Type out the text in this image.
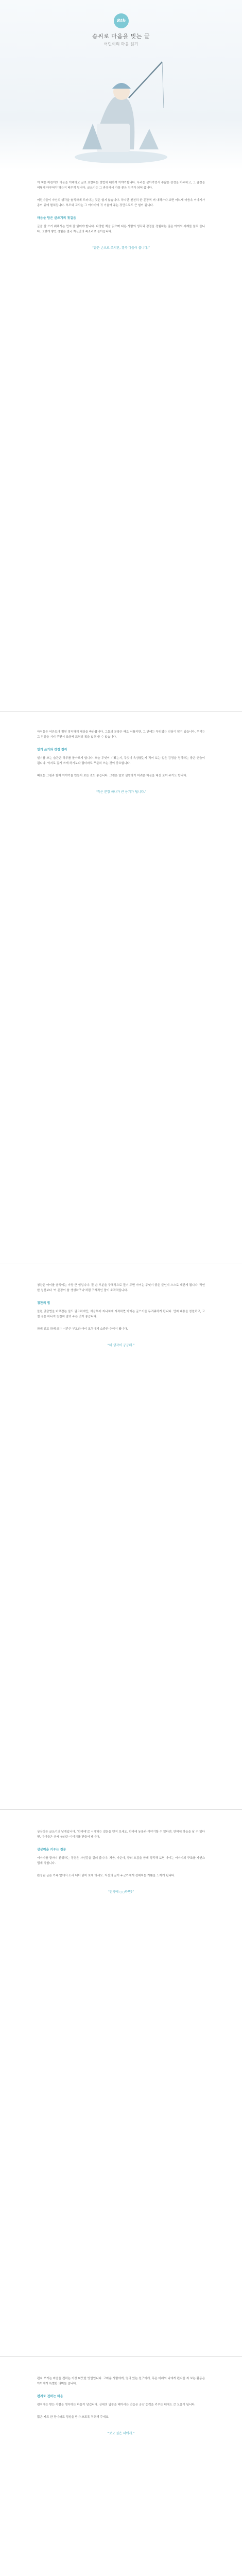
8th
솜씨로 마음을 빚는 글
어린이의 마음 읽기

이 책은 어린이의 마음을 이해하고 글로 표현하는 방법에 대하여 이야기합니다. 우리는 살아가면서 수많은 감정을 마주하고, 그 감정을 어떻게 다루어야 하는지 배우게 됩니다. 글쓰기는 그 과정에서 가장 좋은 친구가 되어 줍니다.

어린이들이 자신의 생각을 솔직하게 드러내는 것은 쉽지 않습니다. 하지만 천천히 한 문장씩 써 내려가다 보면 어느새 마음속 이야기가 종이 위에 펼쳐집니다. 부모와 교사는 그 이야기에 귀 기울여 주는 것만으로도 큰 힘이 됩니다.

마음을 담은 글쓰기의 첫걸음

글을 잘 쓰기 위해서는 먼저 잘 읽어야 합니다. 다양한 책을 읽으며 다른 사람의 생각과 감정을 경험하는 일은 아이의 세계를 넓혀 줍니다. 그렇게 쌓인 경험은 결국 자신만의 목소리로 돌아옵니다.

“글은 손으로 쓰지만, 결국 마음이 씁니다.”

아이들은 어른보다 훨씬 정직하게 세상을 바라봅니다. 그들의 문장은 때로 서툴지만, 그 안에는 꾸밈없는 진심이 담겨 있습니다. 우리는 그 진심을 지켜 주면서 조금씩 표현의 폭을 넓혀 줄 수 있습니다.

일기 쓰기와 감정 정리

일기를 쓰는 습관은 하루를 돌아보게 합니다. 오늘 무엇이 기뻤는지, 무엇이 속상했는지 적어 보는 일은 감정을 정리하는 좋은 연습이 됩니다. 억지로 길게 쓰게 하기보다 짧더라도 꾸준히 쓰는 것이 중요합니다.

때로는 그림과 함께 이야기를 만들어 보는 것도 좋습니다. 그림은 말로 설명하기 어려운 마음을 대신 보여 주기도 합니다.

“작은 문장 하나가 큰 용기가 됩니다.”

칭찬은 아이를 움직이는 가장 큰 힘입니다. 잘 쓴 부분을 구체적으로 짚어 주면 아이는 무엇이 좋은 글인지 스스로 깨닫게 됩니다. 막연한 칭찬보다 ‘이 문장이 참 생생하구나’처럼 구체적인 말이 효과적입니다.

칭찬의 힘

틀린 맞춤법을 바로잡는 일도 필요하지만, 처음부터 지나치게 지적하면 아이는 글쓰기를 두려워하게 됩니다. 먼저 내용을 칭찬하고, 고칠 점은 하나씩 천천히 알려 주는 것이 좋습니다.

함께 읽고 함께 쓰는 시간은 부모와 아이 모두에게 소중한 추억이 됩니다.

“네 생각이 궁금해.”

상상력은 글쓰기의 날개입니다. ‘만약에’로 시작하는 질문을 던져 보세요. 만약에 동물과 이야기할 수 있다면, 만약에 하늘을 날 수 있다면. 아이들은 금세 놀라운 이야기를 만들어 냅니다.

상상력을 키우는 질문

이야기를 끝까지 완성하는 경험은 자신감을 길러 줍니다. 처음, 가운데, 끝의 흐름을 함께 정리해 보면 아이는 이야기의 구조를 자연스럽게 익힙니다.

완성된 글은 가족 앞에서 소리 내어 읽어 보게 하세요. 자신의 글이 누군가에게 전해지는 기쁨을 느끼게 됩니다.

“만약에 ○○라면?”

편지 쓰기는 마음을 전하는 가장 따뜻한 방법입니다. 고마운 사람에게, 멀리 있는 친구에게, 혹은 미래의 나에게 편지를 써 보는 활동은 아이에게 특별한 의미를 줍니다.

편지로 전하는 마음

편지에는 받는 사람을 생각하는 마음이 담깁니다. 상대의 입장을 헤아리는 연습은 공감 능력을 키우는 데에도 큰 도움이 됩니다.

짧은 카드 한 장이라도 정성을 담아 쓰도록 격려해 주세요.

“보고 싶은 너에게.”
